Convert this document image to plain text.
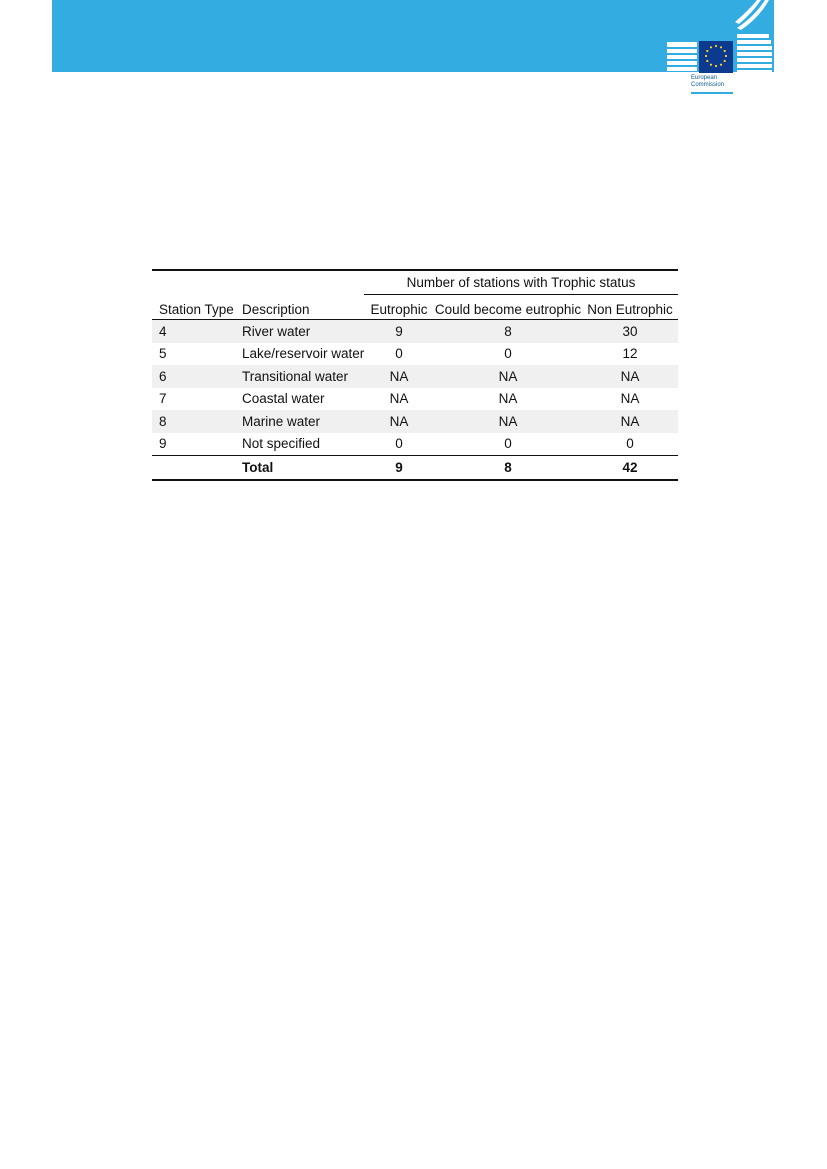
European
Commission
		Number of stations with Trophic status		
Station Type	Description	Eutrophic	Could become eutrophic	Non Eutrophic
4	River water	9	8	30
5	Lake/reservoir water	0	0	12
6	Transitional water	NA	NA	NA
7	Coastal water	NA	NA	NA
8	Marine water	NA	NA	NA
9	Not specified	0	0	0
	Total	9	8	42
